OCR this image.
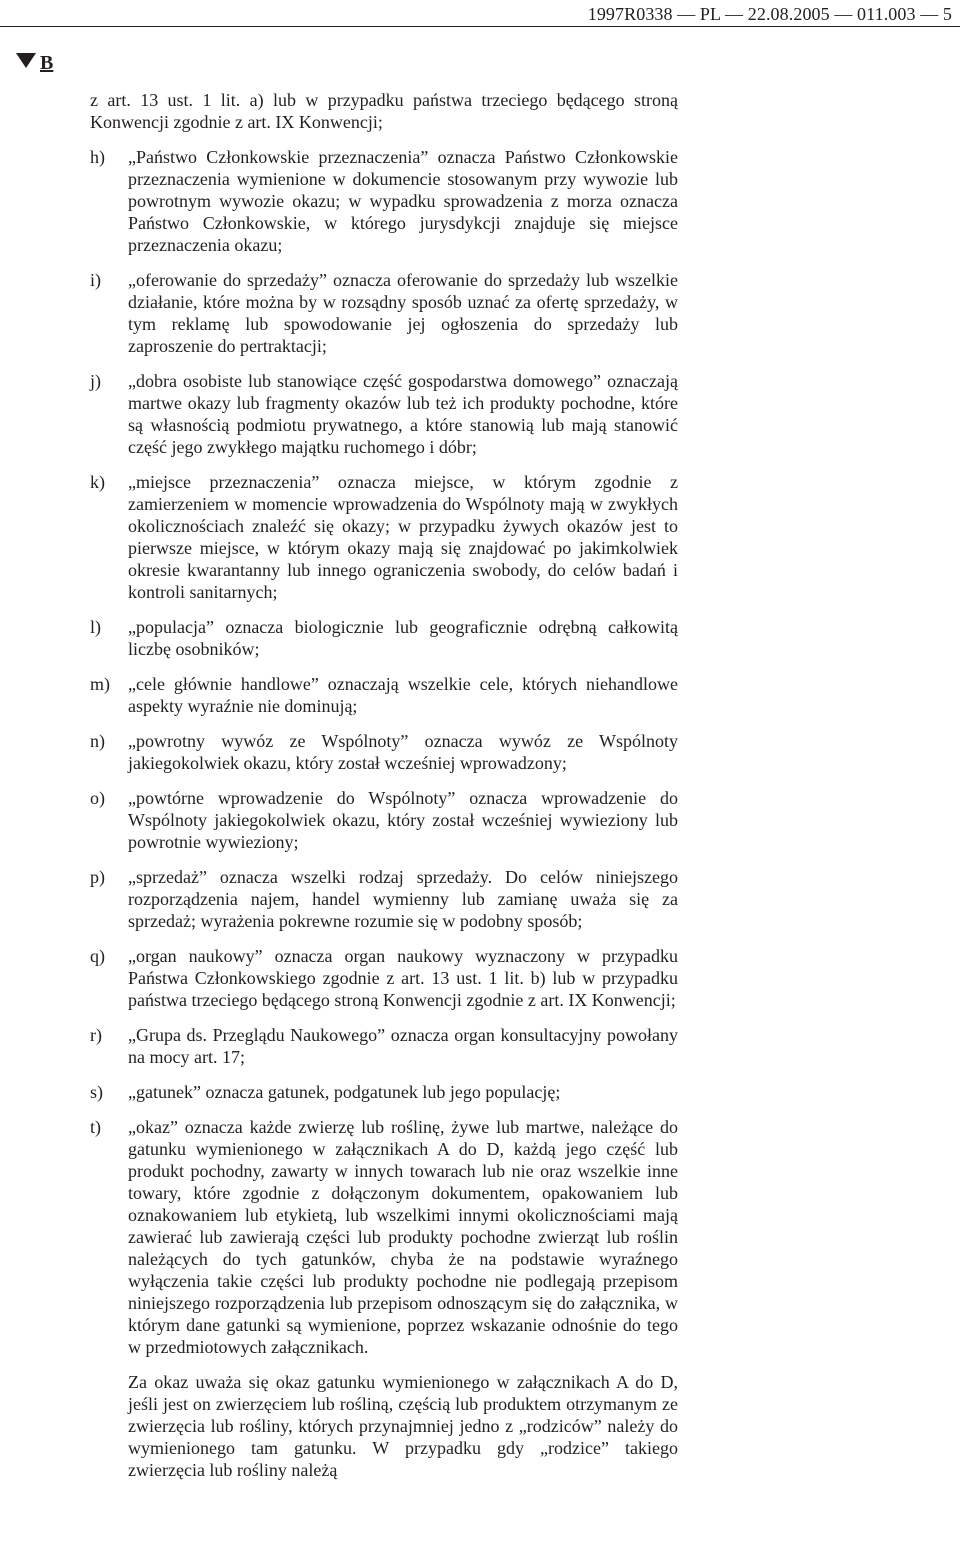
1997R0338 — PL — 22.08.2005 — 011.003 — 5
B

z art. 13 ust. 1 lit. a) lub w przypadku państwa trzeciego będącego stroną Konwencji zgodnie z art. IX Konwencji;

h) „Państwo Członkowskie przeznaczenia” oznacza Państwo Członkowskie przeznaczenia wymienione w dokumencie stosowanym przy wywozie lub powrotnym wywozie okazu; w wypadku sprowadzenia z morza oznacza Państwo Członkowskie, w którego jurysdykcji znajduje się miejsce przeznaczenia okazu;
i) „oferowanie do sprzedaży” oznacza oferowanie do sprzedaży lub wszelkie działanie, które można by w rozsądny sposób uznać za ofertę sprzedaży, w tym reklamę lub spowodowanie jej ogłoszenia do sprzedaży lub zaproszenie do pertraktacji;
j) „dobra osobiste lub stanowiące część gospodarstwa domowego” oznaczają martwe okazy lub fragmenty okazów lub też ich produkty pochodne, które są własnością podmiotu prywatnego, a które stanowią lub mają stanowić część jego zwykłego majątku ruchomego i dóbr;
k) „miejsce przeznaczenia” oznacza miejsce, w którym zgodnie z zamierzeniem w momencie wprowadzenia do Wspólnoty mają w zwykłych okolicznościach znaleźć się okazy; w przypadku żywych okazów jest to pierwsze miejsce, w którym okazy mają się znajdować po jakimkolwiek okresie kwarantanny lub innego ograniczenia swobody, do celów badań i kontroli sanitarnych;
l) „populacja” oznacza biologicznie lub geograficznie odrębną całkowitą liczbę osobników;
m) „cele głównie handlowe” oznaczają wszelkie cele, których niehandlowe aspekty wyraźnie nie dominują;
n) „powrotny wywóz ze Wspólnoty” oznacza wywóz ze Wspólnoty jakiegokolwiek okazu, który został wcześniej wprowadzony;
o) „powtórne wprowadzenie do Wspólnoty” oznacza wprowadzenie do Wspólnoty jakiegokolwiek okazu, który został wcześniej wywieziony lub powrotnie wywieziony;
p) „sprzedaż” oznacza wszelki rodzaj sprzedaży. Do celów niniejszego rozporządzenia najem, handel wymienny lub zamianę uważa się za sprzedaż; wyrażenia pokrewne rozumie się w podobny sposób;
q) „organ naukowy” oznacza organ naukowy wyznaczony w przypadku Państwa Członkowskiego zgodnie z art. 13 ust. 1 lit. b) lub w przypadku państwa trzeciego będącego stroną Konwencji zgodnie z art. IX Konwencji;
r) „Grupa ds. Przeglądu Naukowego” oznacza organ konsultacyjny powołany na mocy art. 17;
s) „gatunek” oznacza gatunek, podgatunek lub jego populację;
t) „okaz” oznacza każde zwierzę lub roślinę, żywe lub martwe, należące do gatunku wymienionego w załącznikach A do D, każdą jego część lub produkt pochodny, zawarty w innych towarach lub nie oraz wszelkie inne towary, które zgodnie z dołączonym dokumentem, opakowaniem lub oznakowaniem lub etykietą, lub wszelkimi innymi okolicznościami mają zawierać lub zawierają części lub produkty pochodne zwierząt lub roślin należących do tych gatunków, chyba że na podstawie wyraźnego wyłączenia takie części lub produkty pochodne nie podlegają przepisom niniejszego rozporządzenia lub przepisom odnoszącym się do załącznika, w którym dane gatunki są wymienione, poprzez wskazanie odnośnie do tego w przedmiotowych załącznikach.

Za okaz uważa się okaz gatunku wymienionego w załącznikach A do D, jeśli jest on zwierzęciem lub rośliną, częścią lub produktem otrzymanym ze zwierzęcia lub rośliny, których przynajmniej jedno z „rodziców” należy do wymienionego tam gatunku. W przypadku gdy „rodzice” takiego zwierzęcia lub rośliny należą
